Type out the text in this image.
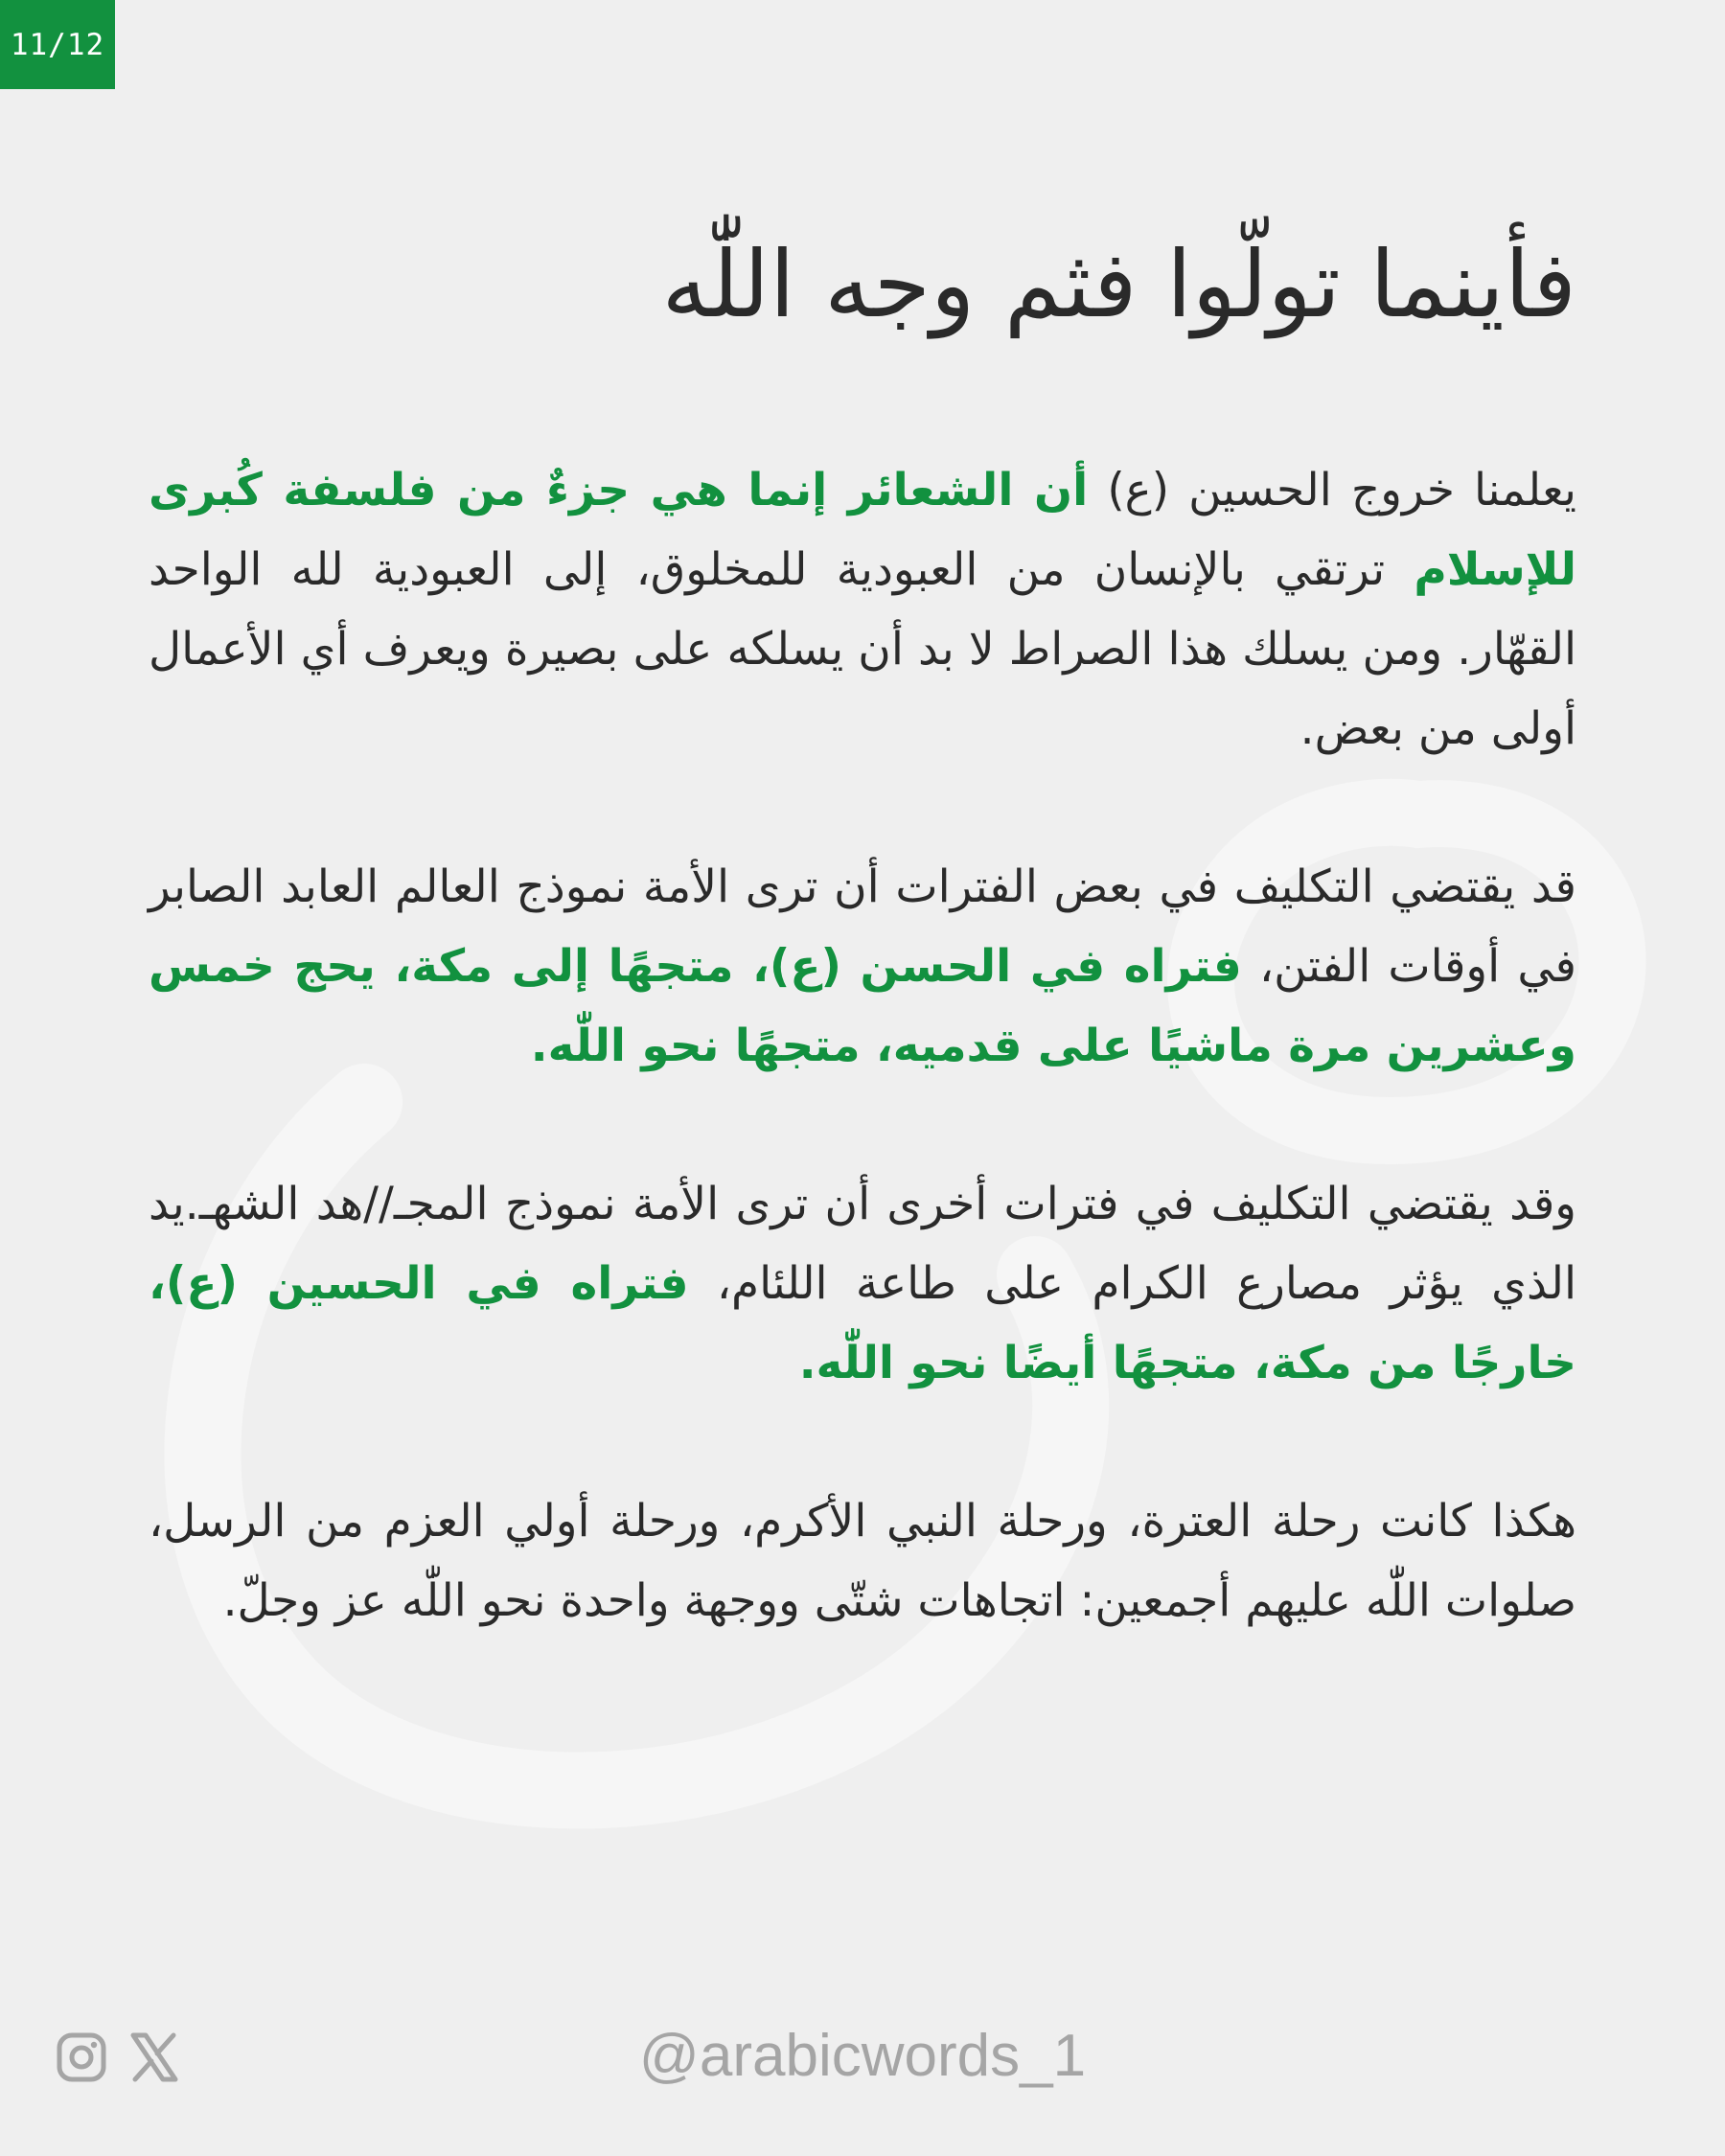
11/12
فأينما تولّوا فثم وجه اللّٰه

يعلمنا خروج الحسين (ع) أن الشعائر إنما هي جزءٌ من فلسفة كُبرى للإسلام ترتقي بالإنسان من العبودية للمخلوق، إلى العبودية لله الواحد القهّار. ومن يسلك هذا الصراط لا بد أن يسلكه على بصيرة ويعرف أي الأعمال أولى من بعض.

قد يقتضي التكليف في بعض الفترات أن ترى الأمة نموذج العالم العابد الصابر في أوقات الفتن، فتراه في الحسن (ع)، متجهًا إلى مكة، يحج خمس وعشرين مرة ماشيًا على قدميه، متجهًا نحو اللّٰه.

وقد يقتضي التكليف في فترات أخرى أن ترى الأمة نموذج المجـ//هد الشهـ.يد الذي يؤثر مصارع الكرام على طاعة اللئام، فتراه في الحسين (ع)، خارجًا من مكة، متجهًا أيضًا نحو اللّٰه.

هكذا كانت رحلة العترة، ورحلة النبي الأكرم، ورحلة أولي العزم من الرسل، صلوات اللّٰه عليهم أجمعين: اتجاهات شتّى ووجهة واحدة نحو اللّٰه عز وجلّ.

@arabicwords_1
